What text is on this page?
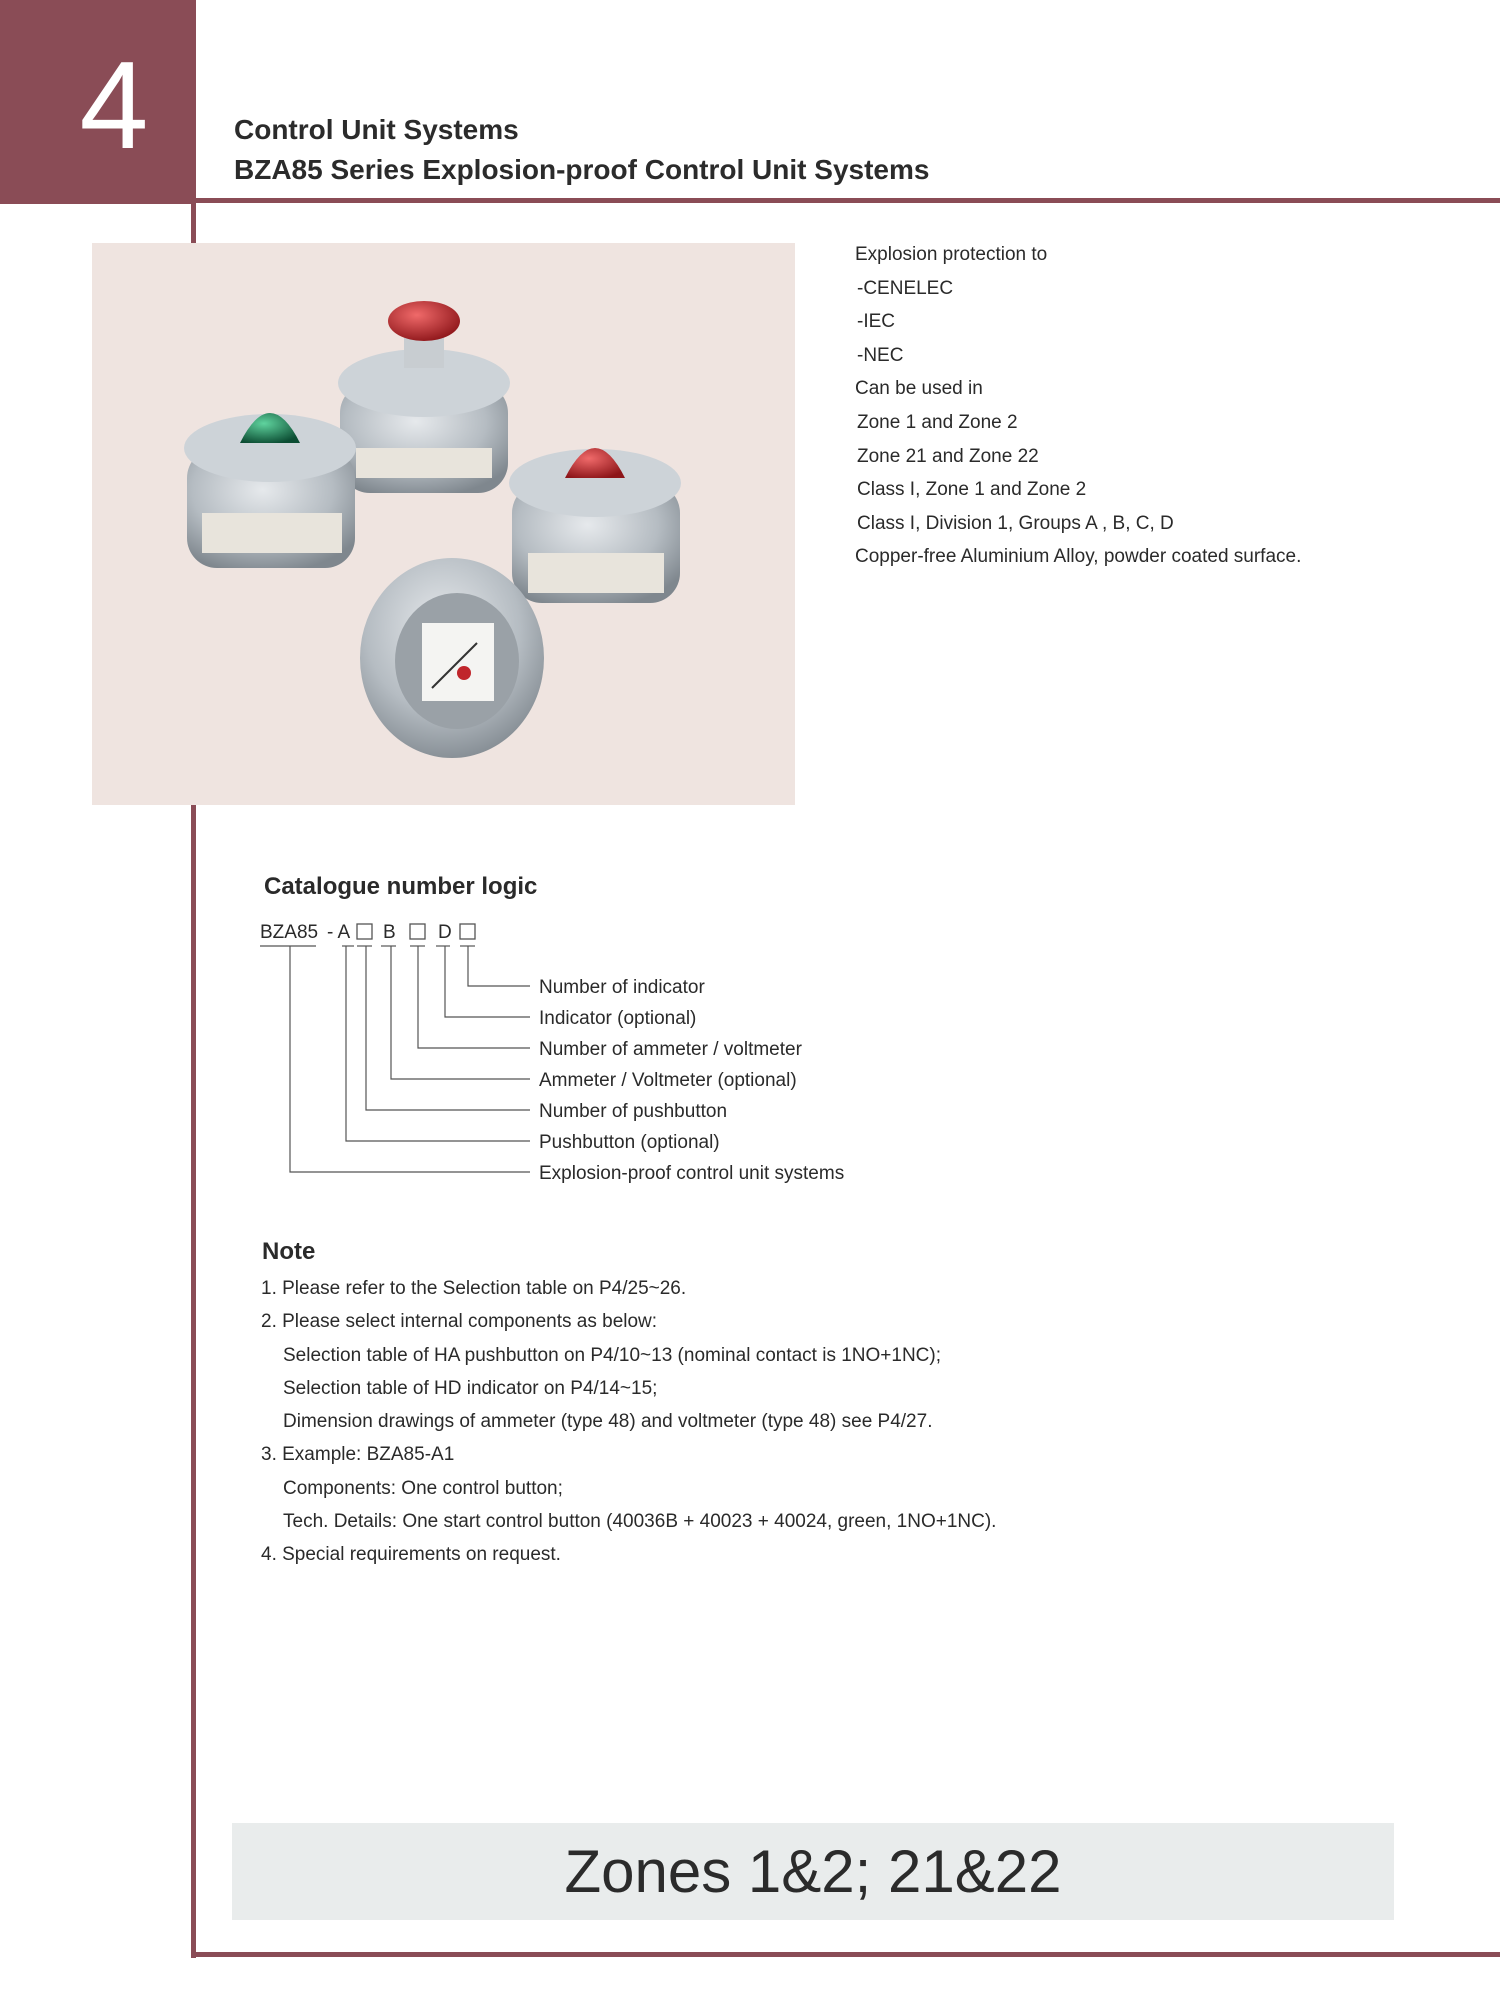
4	Control Unit Systems
BZA85 Series Explosion-proof Control Unit Systems
Explosion protection to
-CENELEC
-IEC
-NEC
Can be used in
Zone 1 and Zone 2
Zone 21 and Zone 22
Class I, Zone 1 and Zone 2
Class I, Division 1, Groups A , B, C, D
Copper-free Aluminium Alloy, powder coated surface.
Catalogue number logic
BZA85 - A B D
Number of indicator
Indicator (optional)
Number of ammeter / voltmeter
Ammeter / Voltmeter (optional)
Number of pushbutton
Pushbutton (optional)
Explosion-proof control unit systems
Note
1. Please refer to the Selection table on P4/25~26.
2. Please select internal components as below:
Selection table of HA pushbutton on P4/10~13 (nominal contact is 1NO+1NC);
Selection table of HD indicator on P4/14~15;
Dimension drawings of ammeter (type 48) and voltmeter (type 48) see P4/27.
3. Example: BZA85-A1
Components: One control button;
Tech. Details: One start control button (40036B + 40023 + 40024, green, 1NO+1NC).
4. Special requirements on request.
Zones 1&2; 21&22
